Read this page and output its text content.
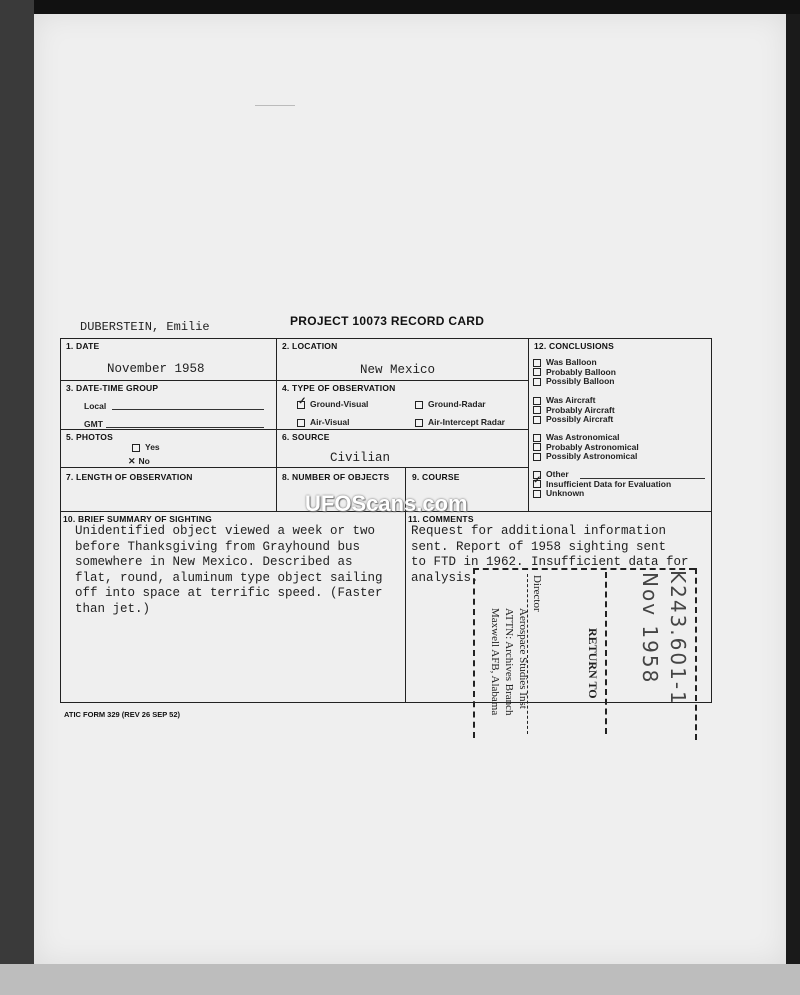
DUBERSTEIN, Emilie	PROJECT 10073 RECORD CARD
1. DATE
November 1958
2. LOCATION
New Mexico
3. DATE-TIME GROUP
Local
GMT
4. TYPE OF OBSERVATION
✓ Ground-Visual	Ground-Radar
Air-Visual	Air-Intercept Radar
5. PHOTOS
Yes
✕ No
6. SOURCE
Civilian
7. LENGTH OF OBSERVATION	8. NUMBER OF OBJECTS	9. COURSE
12. CONCLUSIONS
Was Balloon
Probably Balloon
Possibly Balloon
Was Aircraft
Probably Aircraft
Possibly Aircraft
Was Astronomical
Probably Astronomical
Possibly Astronomical
Other
✓ Insufficient Data for Evaluation
Unknown
10. BRIEF SUMMARY OF SIGHTING
Unidentified object viewed a week or two
before Thanksgiving from Grayhound bus
somewhere in New Mexico. Described as
flat, round, aluminum type object sailing
off into space at terrific speed. (Faster
than jet.)
11. COMMENTS
Request for additional information
sent. Report of 1958 sighting sent
to FTD in 1962. Insufficient data for
analysis.
ATIC FORM 329 (REV 26 SEP 52)
RETURN TO
Director
Aerospace Studies Inst
ATTN: Archives Branch
Maxwell AFB, Alabama	K243.601-1
Nov 1958
UFOScans.com
